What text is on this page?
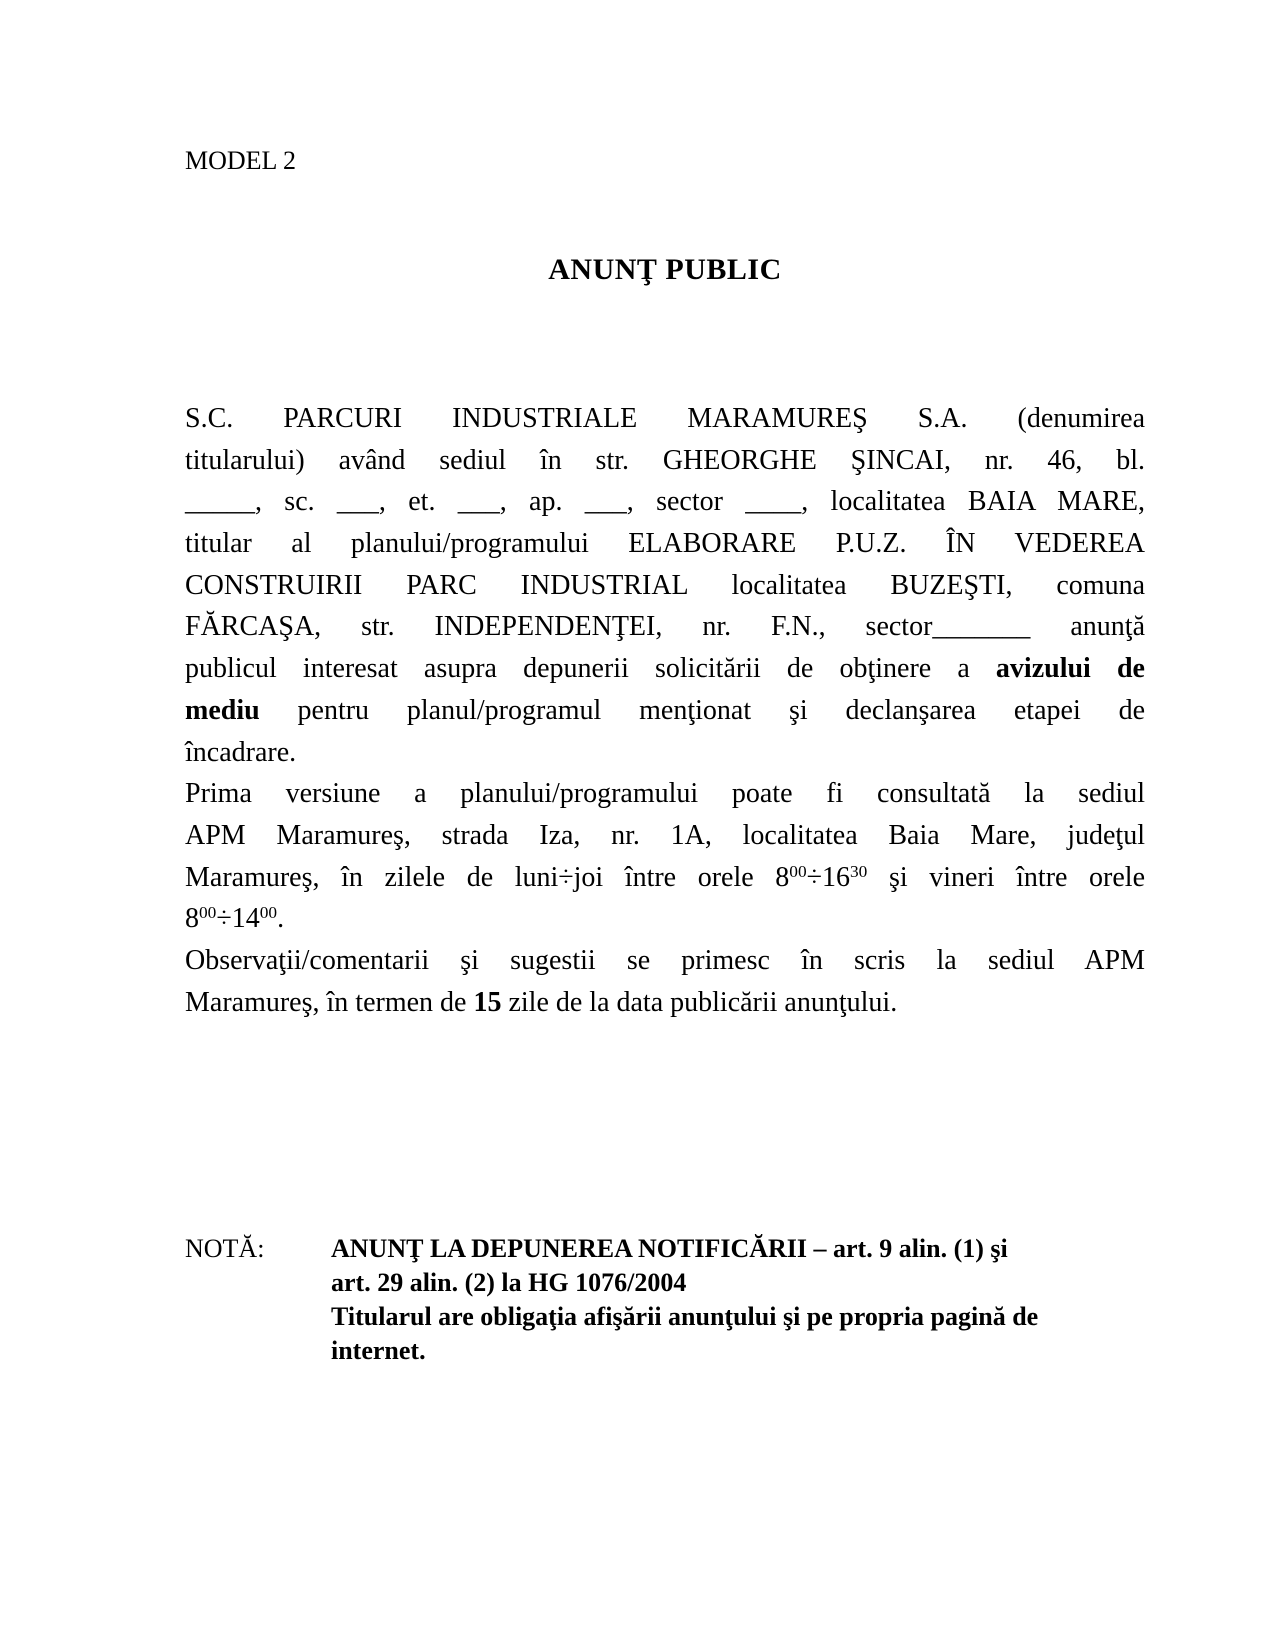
MODEL 2
ANUNŢ PUBLIC
S.C. PARCURI INDUSTRIALE MARAMUREŞ S.A. (denumirea
titularului) având sediul în str. GHEORGHE ŞINCAI, nr. 46, bl.
_____, sc. ___, et. ___, ap. ___, sector ____, localitatea BAIA MARE,
titular al planului/programului ELABORARE P.U.Z. ÎN VEDEREA
CONSTRUIRII PARC INDUSTRIAL localitatea BUZEŞTI, comuna
FĂRCAŞA, str. INDEPENDENŢEI, nr. F.N., sector_______ anunţă
publicul interesat asupra depunerii solicitării de obţinere a avizului de
mediu pentru planul/programul menţionat şi declanşarea etapei de
încadrare.
Prima versiune a planului/programului poate fi consultată la sediul
APM Maramureş, strada Iza, nr. 1A, localitatea Baia Mare, judeţul
Maramureş, în zilele de luni÷joi între orele $8^{00}\div 16^{30}$ şi vineri între orele
$8^{00}\div 14^{00}$.
Observaţii/comentarii şi sugestii se primesc în scris la sediul APM
Maramureş, în termen de 15 zile de la data publicării anunţului.
NOTĂ:	ANUNŢ LA DEPUNEREA NOTIFICĂRII – art. 9 alin. (1) şi
art. 29 alin. (2) la HG 1076/2004
Titularul are obligaţia afişării anunţului şi pe propria pagină de
internet.
